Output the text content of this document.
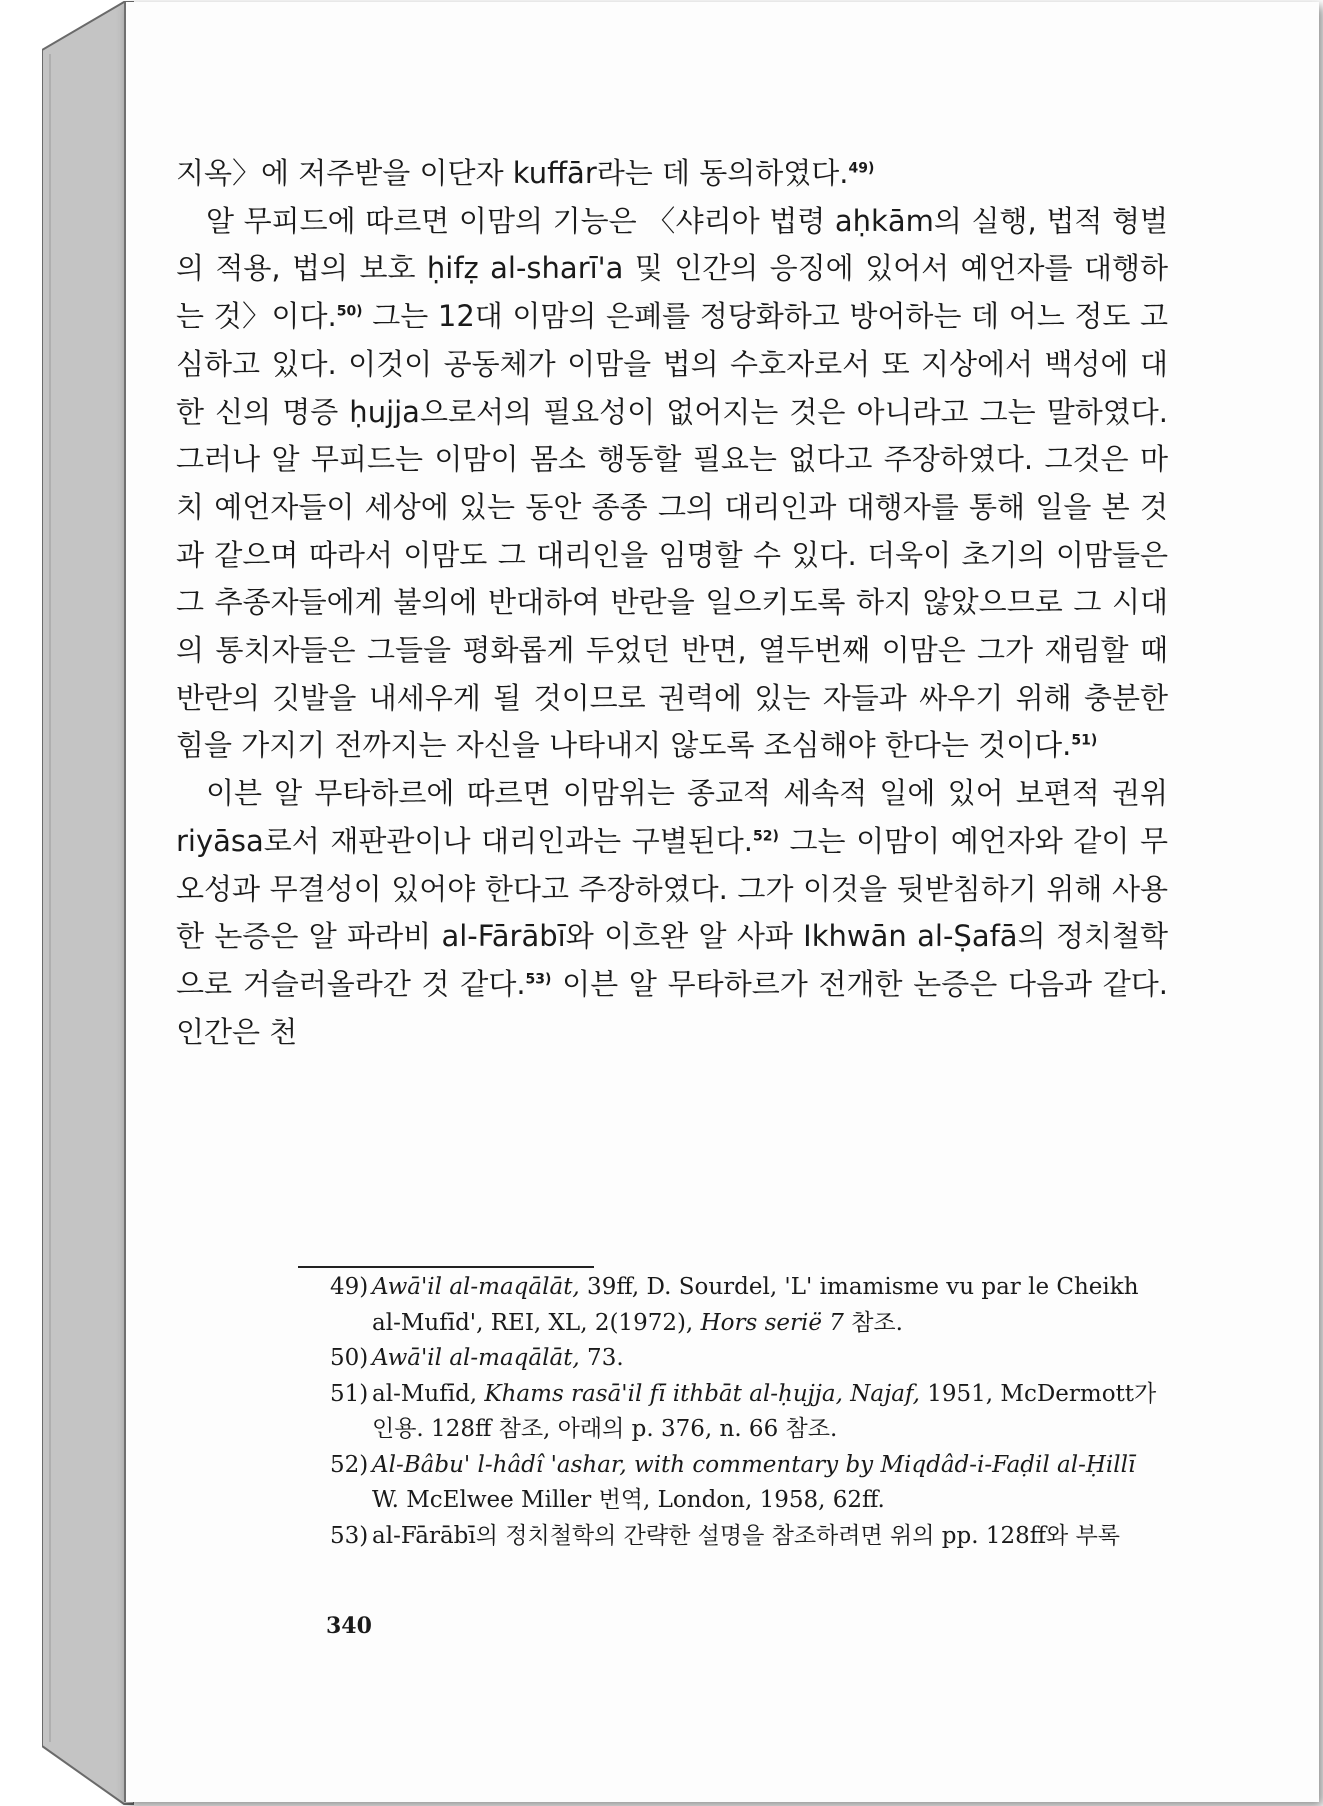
지옥〉에 저주받을 이단자 kuffār라는 데 동의하였다.$^{49)}$

알 무피드에 따르면 이맘의 기능은 〈샤리아 법령 aḥkām의 실행, 법적 형벌의 적용, 법의 보호 ḥifẓ al-sharī'a 및 인간의 응징에 있어서 예언자를 대행하는 것〉이다.$^{50)}$ 그는 12대 이맘의 은폐를 정당화하고 방어하는 데 어느 정도 고심하고 있다. 이것이 공동체가 이맘을 법의 수호자로서 또 지상에서 백성에 대한 신의 명증 ḥujja으로서의 필요성이 없어지는 것은 아니라고 그는 말하였다. 그러나 알 무피드는 이맘이 몸소 행동할 필요는 없다고 주장하였다. 그것은 마치 예언자들이 세상에 있는 동안 종종 그의 대리인과 대행자를 통해 일을 본 것과 같으며 따라서 이맘도 그 대리인을 임명할 수 있다. 더욱이 초기의 이맘들은 그 추종자들에게 불의에 반대하여 반란을 일으키도록 하지 않았으므로 그 시대의 통치자들은 그들을 평화롭게 두었던 반면, 열두번째 이맘은 그가 재림할 때 반란의 깃발을 내세우게 될 것이므로 권력에 있는 자들과 싸우기 위해 충분한 힘을 가지기 전까지는 자신을 나타내지 않도록 조심해야 한다는 것이다.$^{51)}$

이븐 알 무타하르에 따르면 이맘위는 종교적 세속적 일에 있어 보편적 권위 riyāsa로서 재판관이나 대리인과는 구별된다.$^{52)}$ 그는 이맘이 예언자와 같이 무오성과 무결성이 있어야 한다고 주장하였다. 그가 이것을 뒷받침하기 위해 사용한 논증은 알 파라비 al-Fārābī와 이흐완 알 사파 Ikhwān al-Ṣafā의 정치철학으로 거슬러올라간 것 같다.$^{53)}$ 이븐 알 무타하르가 전개한 논증은 다음과 같다. 인간은 천

49) Awā'il al-maqālāt, 39ff, D. Sourdel, 'L' imamisme vu par le Cheikh al-Mufīd', REI, XL, 2(1972), Hors serië 7 참조.

50) Awā'il al-maqālāt, 73.

51) al-Mufīd, Khams rasā'il fī ithbāt al-ḥujja, Najaf, 1951, McDermott가 인용. 128ff 참조, 아래의 p. 376, n. 66 참조.

52) Al-Bâbu' l-hâdî 'ashar, with commentary by Miqdâd-i-Faḍil al-Ḥillī W. McElwee Miller 번역, London, 1958, 62ff.

53) al-Fārābī의 정치철학의 간략한 설명을 참조하려면 위의 pp. 128ff와 부록

340
